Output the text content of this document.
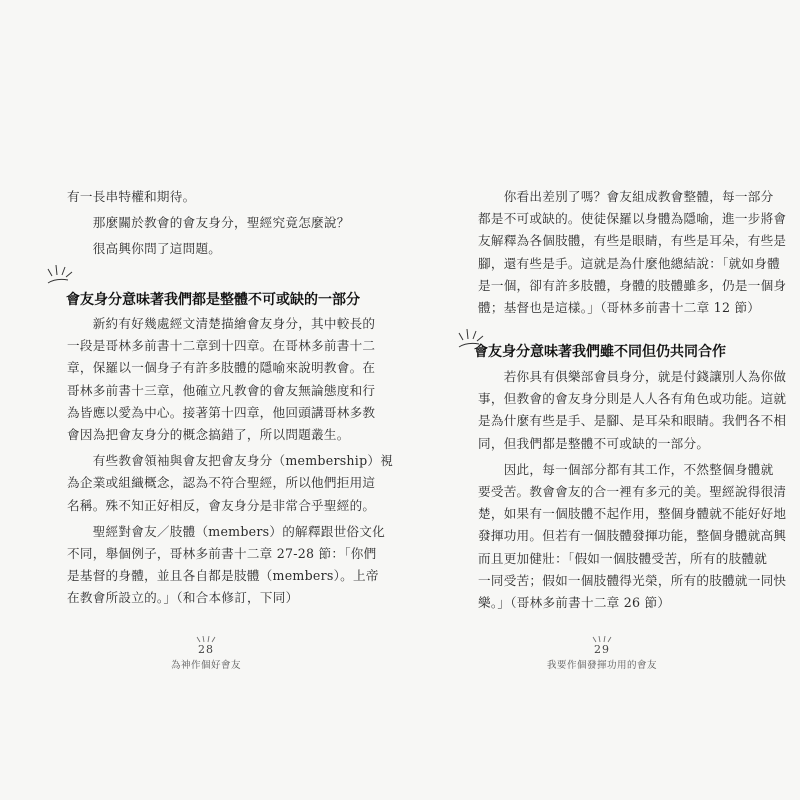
有一長串特權和期待。

　　那麼關於教會的會友身分，聖經究竟怎麼說？

　　很高興你問了這問題。

會友身分意味著我們都是整體不可或缺的一部分

　　新約有好幾處經文清楚描繪會友身分，其中較長的
一段是哥林多前書十二章到十四章。在哥林多前書十二
章，保羅以一個身子有許多肢體的隱喻來說明教會。在
哥林多前書十三章，他確立凡教會的會友無論態度和行
為皆應以愛為中心。接著第十四章，他回頭講哥林多教
會因為把會友身分的概念搞錯了，所以問題叢生。

　　有些教會領袖與會友把會友身分（membership）視
為企業或組織概念，認為不符合聖經，所以他們拒用這
名稱。殊不知正好相反，會友身分是非常合乎聖經的。

　　聖經對會友／肢體（members）的解釋跟世俗文化
不同，舉個例子，哥林多前書十二章 27-28 節：「你們
是基督的身體，並且各自都是肢體（members）。上帝
在教會所設立的。」（和合本修訂，下同）

28
為神作個好會友
29
我要作個發揮功用的會友

　　你看出差別了嗎？會友組成教會整體，每一部分
都是不可或缺的。使徒保羅以身體為隱喻，進一步將會
友解釋為各個肢體，有些是眼睛，有些是耳朵，有些是
腳，還有些是手。這就是為什麼他總結說：「就如身體
是一個，卻有許多肢體，身體的肢體雖多，仍是一個身
體；基督也是這樣。」（哥林多前書十二章 12 節）

會友身分意味著我們雖不同但仍共同合作

　　若你具有俱樂部會員身分，就是付錢讓別人為你做
事，但教會的會友身分則是人人各有角色或功能。這就
是為什麼有些是手、是腳、是耳朵和眼睛。我們各不相
同，但我們都是整體不可或缺的一部分。

　　因此，每一個部分都有其工作，不然整個身體就
要受苦。教會會友的合一裡有多元的美。聖經說得很清
楚，如果有一個肢體不起作用，整個身體就不能好好地
發揮功用。但若有一個肢體發揮功能，整個身體就高興
而且更加健壯：「假如一個肢體受苦，所有的肢體就
一同受苦；假如一個肢體得光榮，所有的肢體就一同快
樂。」（哥林多前書十二章 26 節）
